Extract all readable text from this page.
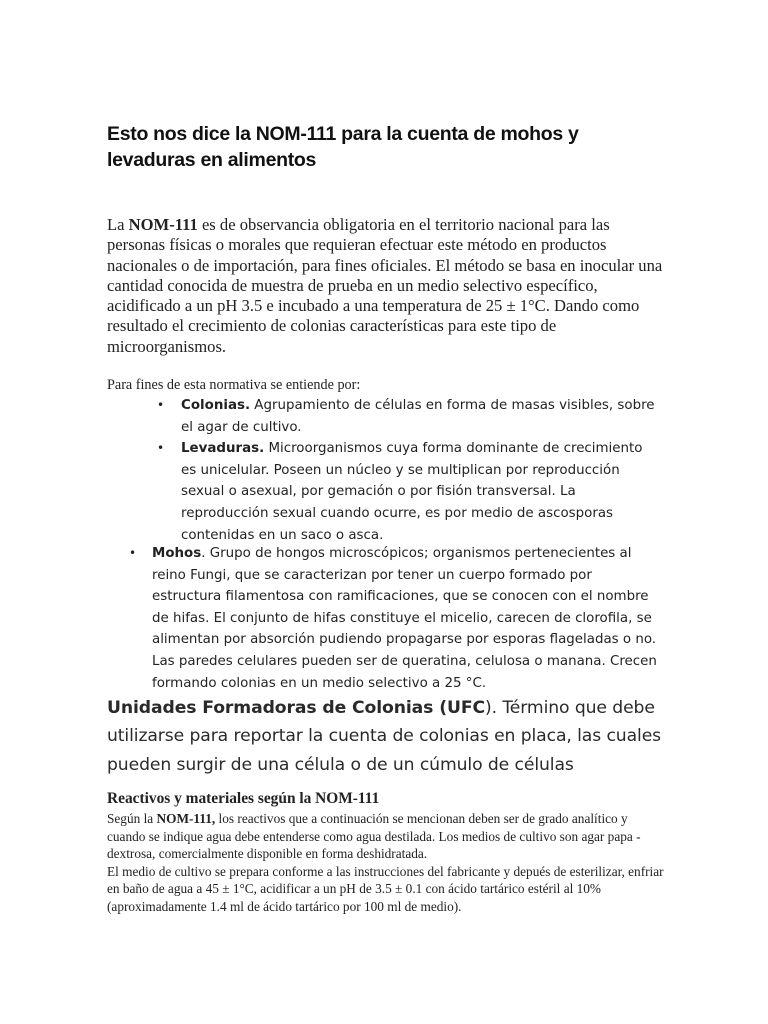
Esto nos dice la NOM-111 para la cuenta de mohos y levaduras en alimentos

La NOM-111 es de observancia obligatoria en el territorio nacional para las personas físicas o morales que requieran efectuar este método en productos nacionales o de importación, para fines oficiales. El método se basa en inocular una cantidad conocida de muestra de prueba en un medio selectivo específico, acidificado a un pH 3.5 e incubado a una temperatura de 25 ± 1°C. Dando como resultado el crecimiento de colonias características para este tipo de microorganismos.

Para fines de esta normativa se entiende por:

• Colonias. Agrupamiento de células en forma de masas visibles, sobre el agar de cultivo.
• Levaduras. Microorganismos cuya forma dominante de crecimiento es unicelular. Poseen un núcleo y se multiplican por reproducción sexual o asexual, por gemación o por fisión transversal. La reproducción sexual cuando ocurre, es por medio de ascosporas contenidas en un saco o asca.
• Mohos. Grupo de hongos microscópicos; organismos pertenecientes al reino Fungi, que se caracterizan por tener un cuerpo formado por estructura filamentosa con ramificaciones, que se conocen con el nombre de hifas. El conjunto de hifas constituye el micelio, carecen de clorofila, se alimentan por absorción pudiendo propagarse por esporas flageladas o no. Las paredes celulares pueden ser de queratina, celulosa o manana. Crecen formando colonias en un medio selectivo a 25 °C.

Unidades Formadoras de Colonias (UFC). Término que debe utilizarse para reportar la cuenta de colonias en placa, las cuales pueden surgir de una célula o de un cúmulo de células

Reactivos y materiales según la NOM-111
Según la NOM-111, los reactivos que a continuación se mencionan deben ser de grado analítico y cuando se indique agua debe entenderse como agua destilada. Los medios de cultivo son agar papa - dextrosa, comercialmente disponible en forma deshidratada.
El medio de cultivo se prepara conforme a las instrucciones del fabricante y depués de esterilizar, enfriar en baño de agua a 45 ± 1°C, acidificar a un pH de 3.5 ± 0.1 con ácido tartárico estéril al 10% (aproximadamente 1.4 ml de ácido tartárico por 100 ml de medio).
